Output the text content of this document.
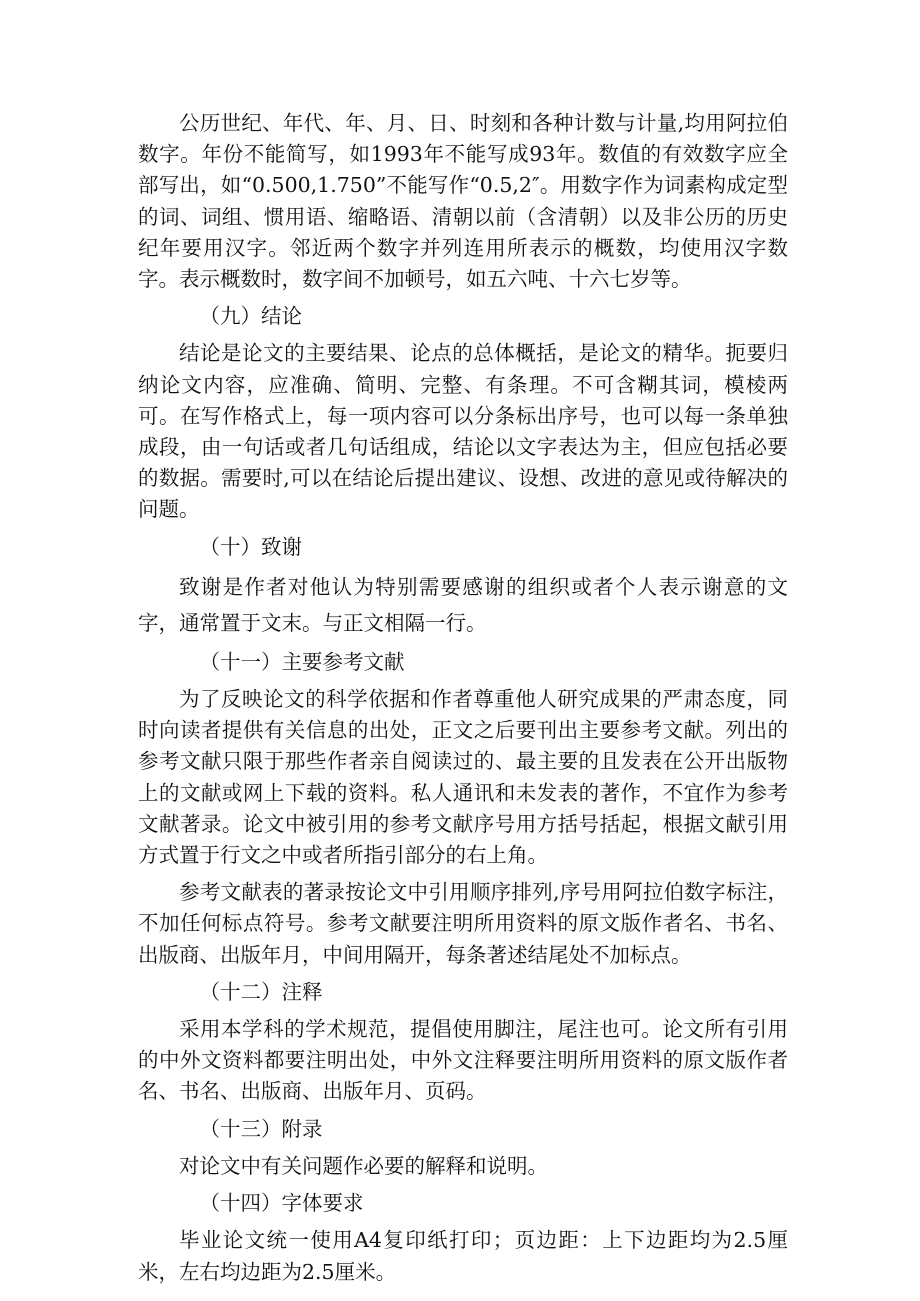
公历世纪、年代、年、月、日、时刻和各种计数与计量,均用阿拉伯数字。年份不能简写，如1993年不能写成93年。数值的有效数字应全部写出，如“0.500,1.750”不能写作“0.5,2″。用数字作为词素构成定型的词、词组、惯用语、缩略语、清朝以前（含清朝）以及非公历的历史纪年要用汉字。邻近两个数字并列连用所表示的概数，均使用汉字数字。表示概数时，数字间不加顿号，如五六吨、十六七岁等。

（九）结论

结论是论文的主要结果、论点的总体概括，是论文的精华。扼要归纳论文内容，应准确、简明、完整、有条理。不可含糊其词，模棱两可。在写作格式上，每一项内容可以分条标出序号，也可以每一条单独成段，由一句话或者几句话组成，结论以文字表达为主，但应包括必要的数据。需要时,可以在结论后提出建议、设想、改进的意见或待解决的问题。

（十）致谢

致谢是作者对他认为特别需要感谢的组织或者个人表示谢意的文字，通常置于文末。与正文相隔一行。

（十一）主要参考文献

为了反映论文的科学依据和作者尊重他人研究成果的严肃态度，同时向读者提供有关信息的出处，正文之后要刊出主要参考文献。列出的参考文献只限于那些作者亲自阅读过的、最主要的且发表在公开出版物上的文献或网上下载的资料。私人通讯和未发表的著作，不宜作为参考文献著录。论文中被引用的参考文献序号用方括号括起，根据文献引用方式置于行文之中或者所指引部分的右上角。

参考文献表的著录按论文中引用顺序排列,序号用阿拉伯数字标注，不加任何标点符号。参考文献要注明所用资料的原文版作者名、书名、出版商、出版年月，中间用隔开，每条著述结尾处不加标点。

（十二）注释

采用本学科的学术规范，提倡使用脚注，尾注也可。论文所有引用的中外文资料都要注明出处，中外文注释要注明所用资料的原文版作者名、书名、出版商、出版年月、页码。

（十三）附录

对论文中有关问题作必要的解释和说明。

（十四）字体要求

毕业论文统一使用A4复印纸打印；页边距：上下边距均为2.5厘米，左右均边距为2.5厘米。
